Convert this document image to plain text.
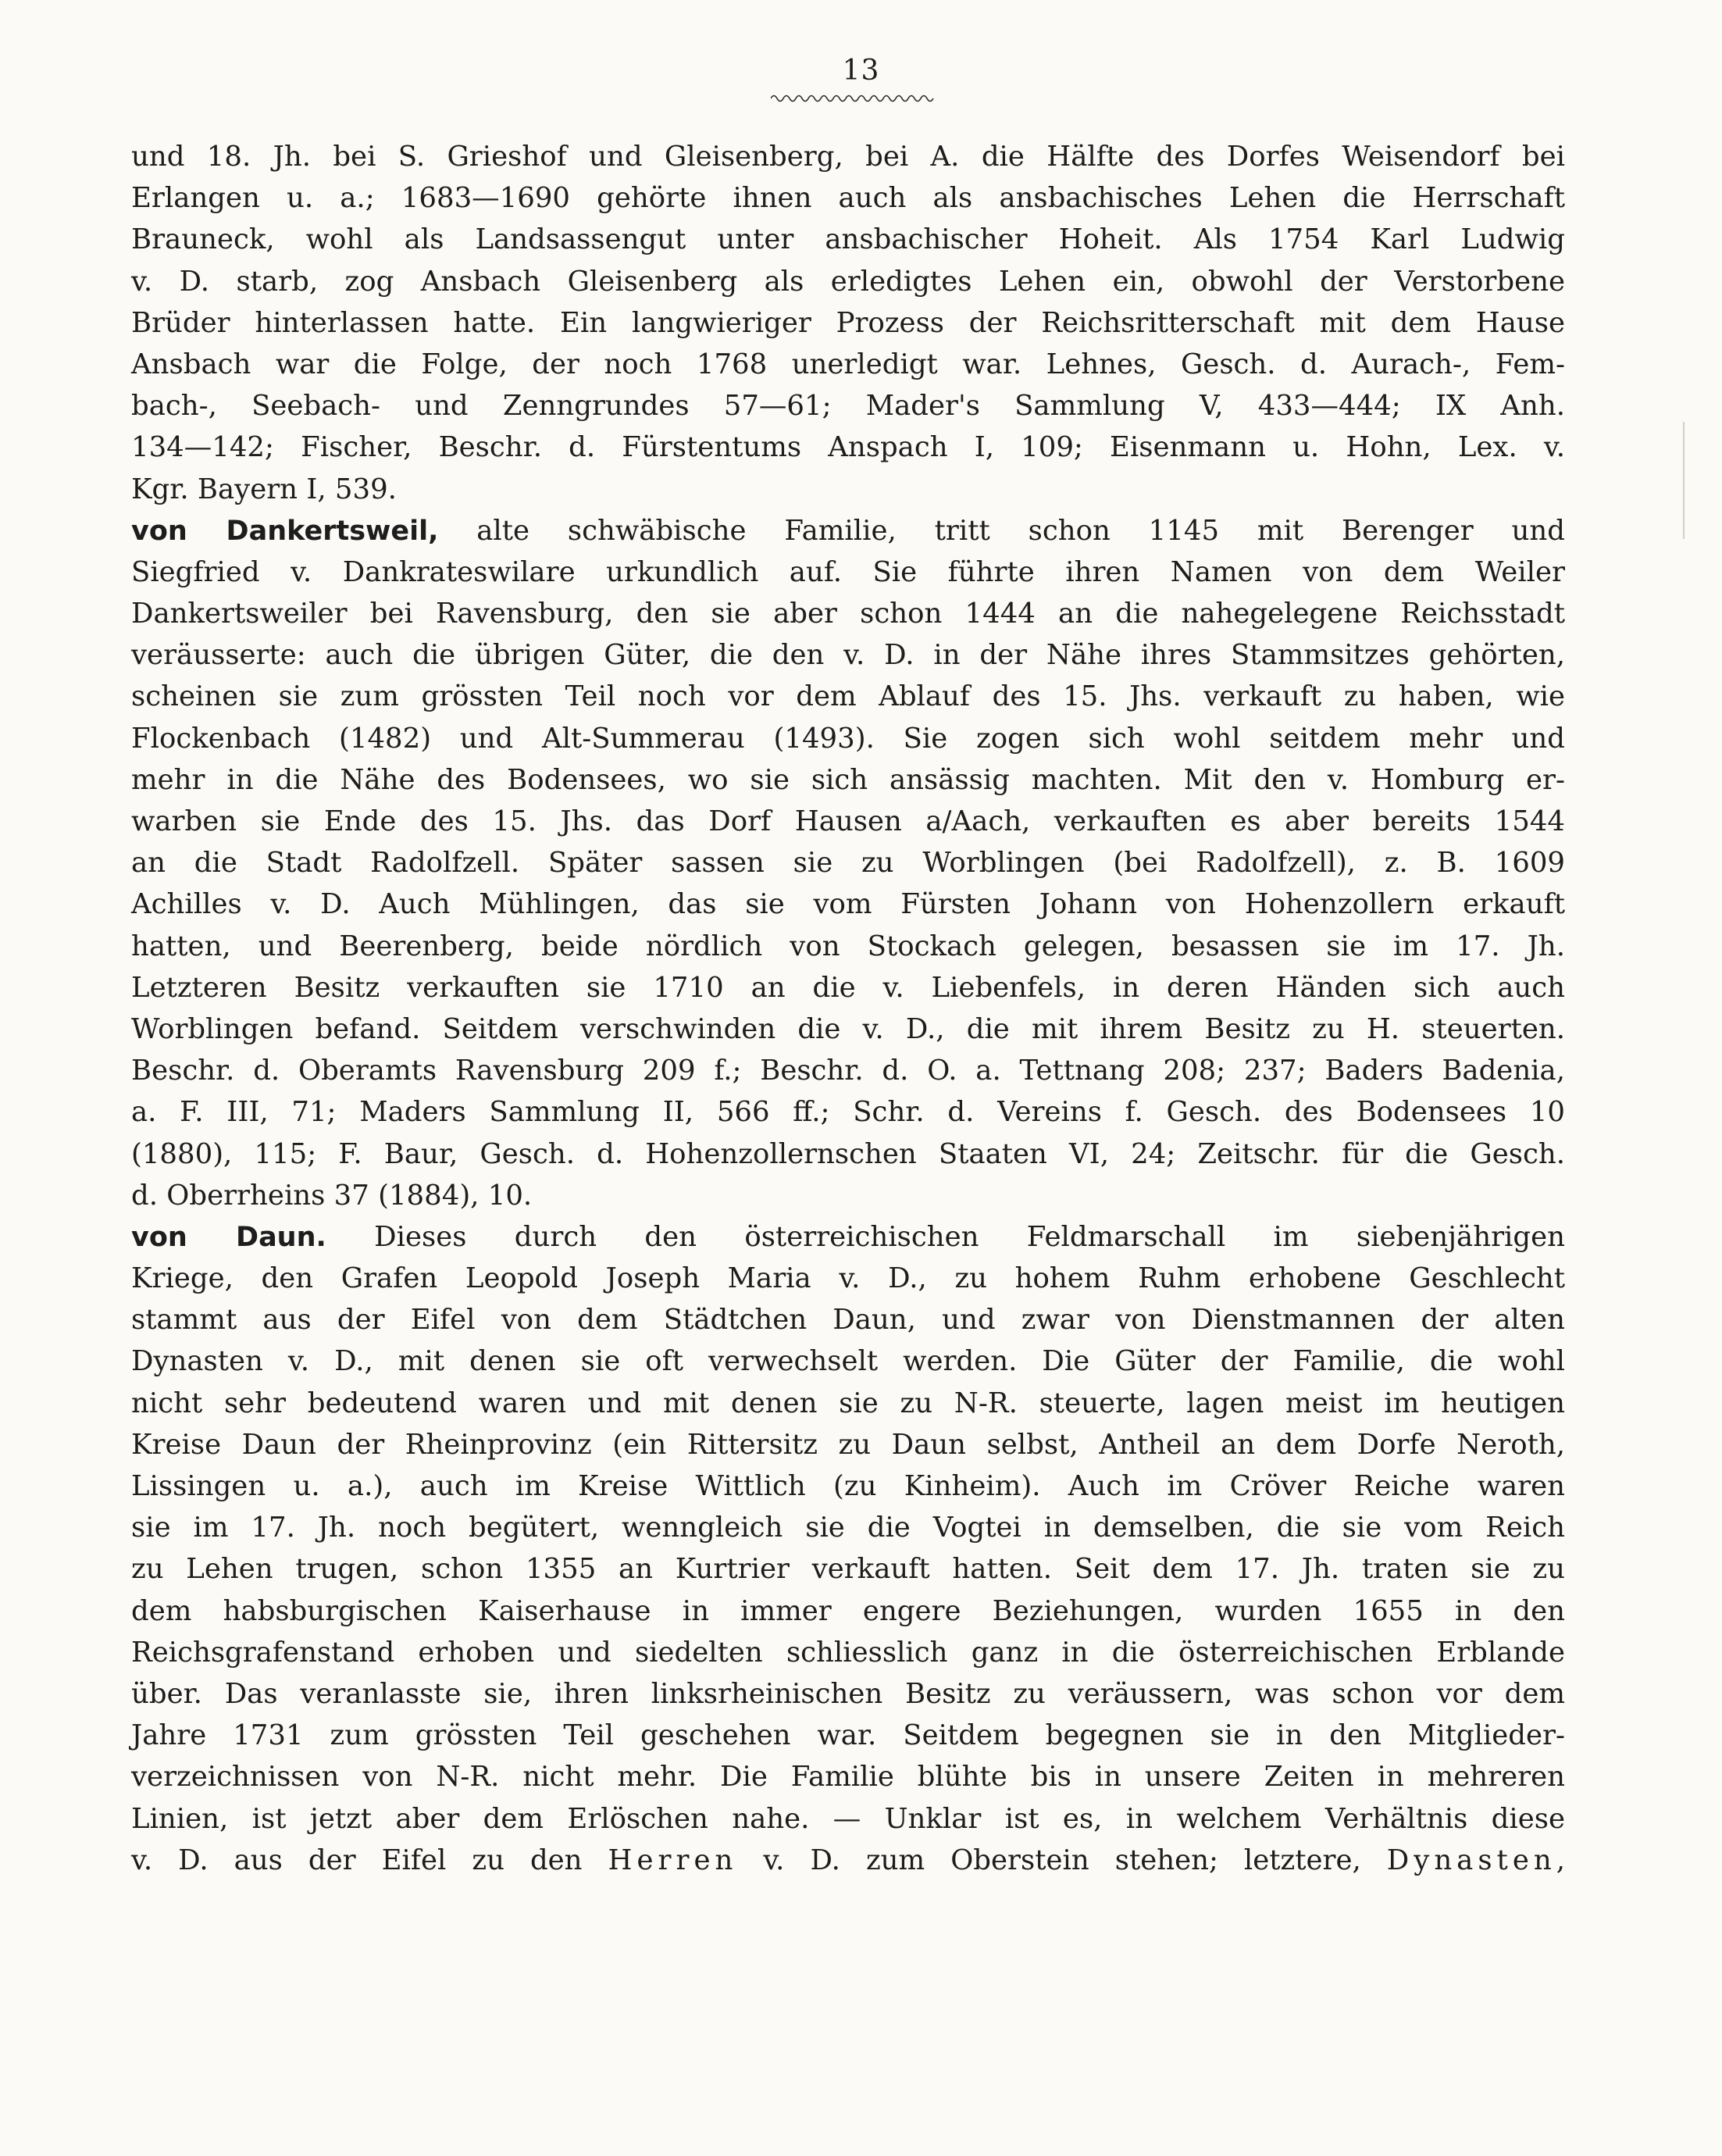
13
und 18. Jh. bei S. Grieshof und Gleisenberg, bei A. die Hälfte des Dorfes Weisendorf bei
Erlangen u. a.; 1683—1690 gehörte ihnen auch als ansbachisches Lehen die Herrschaft
Brauneck, wohl als Landsassengut unter ansbachischer Hoheit. Als 1754 Karl Ludwig
v. D. starb, zog Ansbach Gleisenberg als erledigtes Lehen ein, obwohl der Verstorbene
Brüder hinterlassen hatte. Ein langwieriger Prozess der Reichsritterschaft mit dem Hause
Ansbach war die Folge, der noch 1768 unerledigt war. Lehnes, Gesch. d. Aurach-, Fem-
bach-, Seebach- und Zenngrundes 57—61; Mader's Sammlung V, 433—444; IX Anh.
134—142; Fischer, Beschr. d. Fürstentums Anspach I, 109; Eisenmann u. Hohn, Lex. v.
Kgr. Bayern I, 539.
von Dankertsweil, alte schwäbische Familie, tritt schon 1145 mit Berenger und
Siegfried v. Dankrateswilare urkundlich auf. Sie führte ihren Namen von dem Weiler
Dankertsweiler bei Ravensburg, den sie aber schon 1444 an die nahegelegene Reichsstadt
veräusserte: auch die übrigen Güter, die den v. D. in der Nähe ihres Stammsitzes gehörten,
scheinen sie zum grössten Teil noch vor dem Ablauf des 15. Jhs. verkauft zu haben, wie
Flockenbach (1482) und Alt-Summerau (1493). Sie zogen sich wohl seitdem mehr und
mehr in die Nähe des Bodensees, wo sie sich ansässig machten. Mit den v. Homburg er-
warben sie Ende des 15. Jhs. das Dorf Hausen a/Aach, verkauften es aber bereits 1544
an die Stadt Radolfzell. Später sassen sie zu Worblingen (bei Radolfzell), z. B. 1609
Achilles v. D. Auch Mühlingen, das sie vom Fürsten Johann von Hohenzollern erkauft
hatten, und Beerenberg, beide nördlich von Stockach gelegen, besassen sie im 17. Jh.
Letzteren Besitz verkauften sie 1710 an die v. Liebenfels, in deren Händen sich auch
Worblingen befand. Seitdem verschwinden die v. D., die mit ihrem Besitz zu H. steuerten.
Beschr. d. Oberamts Ravensburg 209 f.; Beschr. d. O. a. Tettnang 208; 237; Baders Badenia,
a. F. III, 71; Maders Sammlung II, 566 ff.; Schr. d. Vereins f. Gesch. des Bodensees 10
(1880), 115; F. Baur, Gesch. d. Hohenzollernschen Staaten VI, 24; Zeitschr. für die Gesch.
d. Oberrheins 37 (1884), 10.
von Daun. Dieses durch den österreichischen Feldmarschall im siebenjährigen
Kriege, den Grafen Leopold Joseph Maria v. D., zu hohem Ruhm erhobene Geschlecht
stammt aus der Eifel von dem Städtchen Daun, und zwar von Dienstmannen der alten
Dynasten v. D., mit denen sie oft verwechselt werden. Die Güter der Familie, die wohl
nicht sehr bedeutend waren und mit denen sie zu N-R. steuerte, lagen meist im heutigen
Kreise Daun der Rheinprovinz (ein Rittersitz zu Daun selbst, Antheil an dem Dorfe Neroth,
Lissingen u. a.), auch im Kreise Wittlich (zu Kinheim). Auch im Cröver Reiche waren
sie im 17. Jh. noch begütert, wenngleich sie die Vogtei in demselben, die sie vom Reich
zu Lehen trugen, schon 1355 an Kurtrier verkauft hatten. Seit dem 17. Jh. traten sie zu
dem habsburgischen Kaiserhause in immer engere Beziehungen, wurden 1655 in den
Reichsgrafenstand erhoben und siedelten schliesslich ganz in die österreichischen Erblande
über. Das veranlasste sie, ihren linksrheinischen Besitz zu veräussern, was schon vor dem
Jahre 1731 zum grössten Teil geschehen war. Seitdem begegnen sie in den Mitglieder-
verzeichnissen von N-R. nicht mehr. Die Familie blühte bis in unsere Zeiten in mehreren
Linien, ist jetzt aber dem Erlöschen nahe. — Unklar ist es, in welchem Verhältnis diese
v. D. aus der Eifel zu den Herren v. D. zum Oberstein stehen; letztere, Dynasten,
